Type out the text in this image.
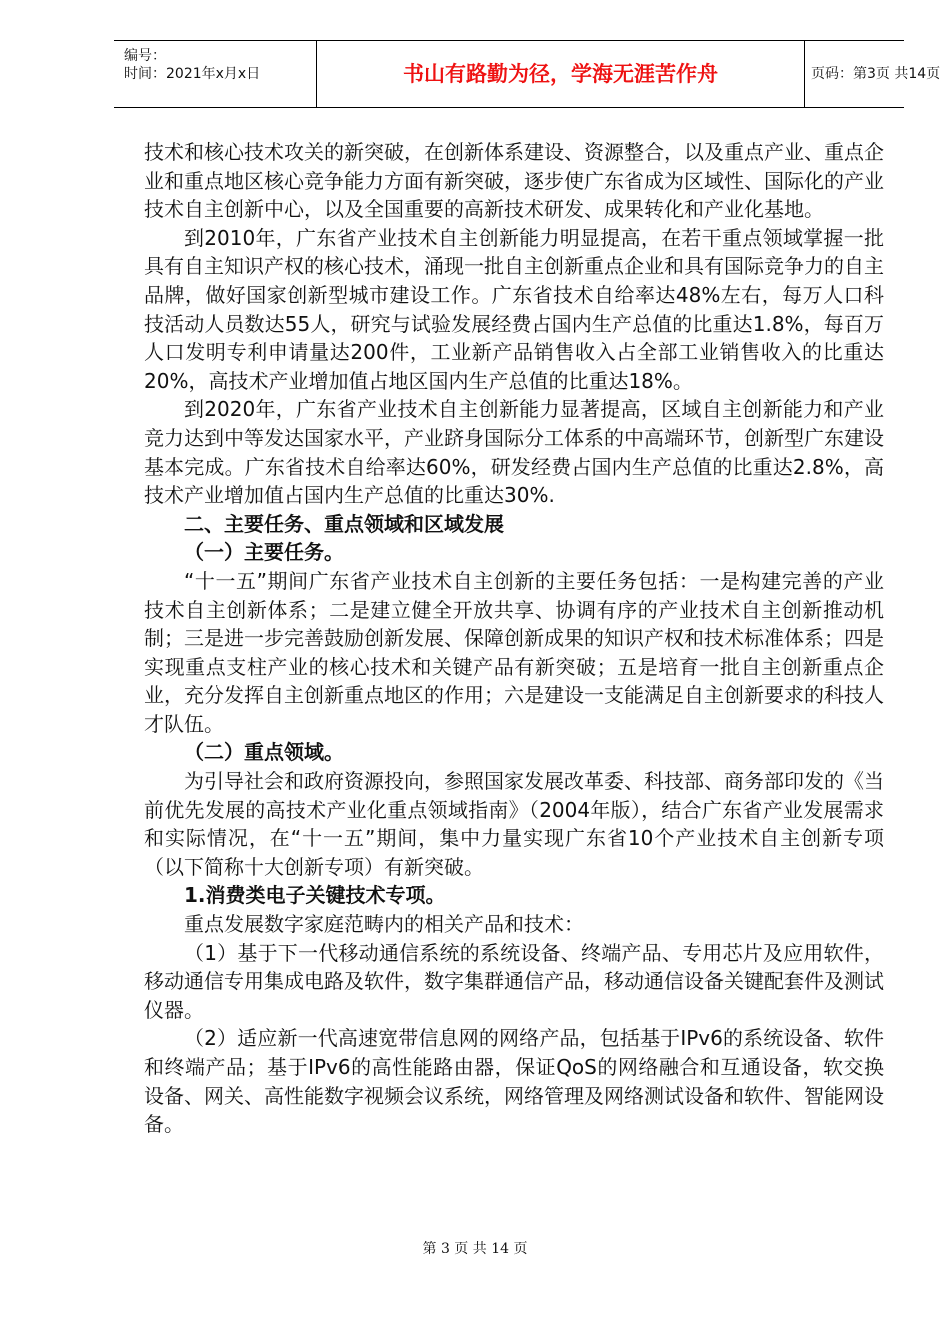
编号：
时间：2021年x月x日	书山有路勤为径，学海无涯苦作舟	页码：第3页 共14页

技术和核心技术攻关的新突破，在创新体系建设、资源整合，以及重点产业、重点企业和重点地区核心竞争能力方面有新突破，逐步使广东省成为区域性、国际化的产业技术自主创新中心，以及全国重要的高新技术研发、成果转化和产业化基地。

到2010年，广东省产业技术自主创新能力明显提高，在若干重点领域掌握一批具有自主知识产权的核心技术，涌现一批自主创新重点企业和具有国际竞争力的自主品牌，做好国家创新型城市建设工作。广东省技术自给率达48%左右，每万人口科技活动人员数达55人，研究与试验发展经费占国内生产总值的比重达1.8%，每百万人口发明专利申请量达200件，工业新产品销售收入占全部工业销售收入的比重达20%，高技术产业增加值占地区国内生产总值的比重达18%。

到2020年，广东省产业技术自主创新能力显著提高，区域自主创新能力和产业竞力达到中等发达国家水平，产业跻身国际分工体系的中高端环节，创新型广东建设基本完成。广东省技术自给率达60%，研发经费占国内生产总值的比重达2.8%，高技术产业增加值占国内生产总值的比重达30%.

二、主要任务、重点领域和区域发展

（一）主要任务。

“十一五”期间广东省产业技术自主创新的主要任务包括：一是构建完善的产业技术自主创新体系；二是建立健全开放共享、协调有序的产业技术自主创新推动机制；三是进一步完善鼓励创新发展、保障创新成果的知识产权和技术标准体系；四是实现重点支柱产业的核心技术和关键产品有新突破；五是培育一批自主创新重点企业，充分发挥自主创新重点地区的作用；六是建设一支能满足自主创新要求的科技人才队伍。

（二）重点领域。

为引导社会和政府资源投向，参照国家发展改革委、科技部、商务部印发的《当前优先发展的高技术产业化重点领域指南》（2004年版），结合广东省产业发展需求和实际情况，在“十一五”期间，集中力量实现广东省10个产业技术自主创新专项（以下简称十大创新专项）有新突破。

1.消费类电子关键技术专项。

重点发展数字家庭范畴内的相关产品和技术：

（1）基于下一代移动通信系统的系统设备、终端产品、专用芯片及应用软件，移动通信专用集成电路及软件，数字集群通信产品，移动通信设备关键配套件及测试仪器。

（2）适应新一代高速宽带信息网的网络产品，包括基于IPv6的系统设备、软件和终端产品；基于IPv6的高性能路由器，保证QoS的网络融合和互通设备，软交换设备、网关、高性能数字视频会议系统，网络管理及网络测试设备和软件、智能网设备。

第 3 页 共 14 页
